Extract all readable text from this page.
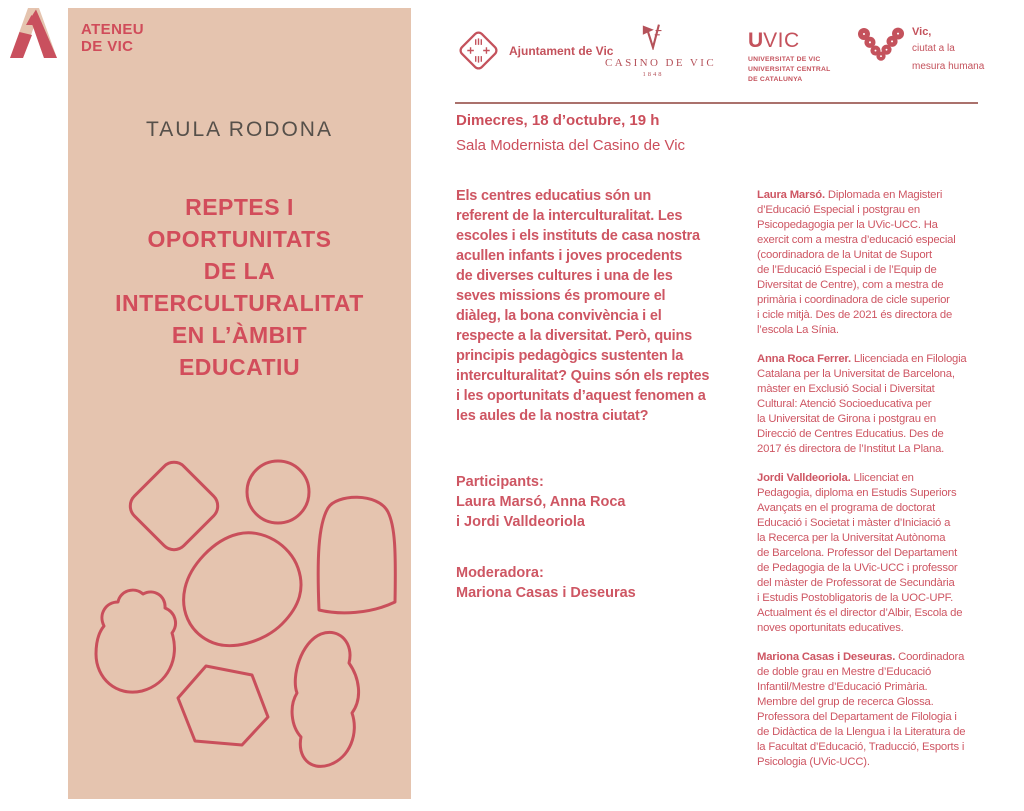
ATENEU
DE VIC
TAULA RODONA
REPTES I
OPORTUNITATS
DE LA
INTERCULTURALITAT
EN L’ÀMBIT
EDUCATIU
Ajuntament de Vic
CASINO DE VIC
1848
UVIC
UNIVERSITAT DE VIC
UNIVERSITAT CENTRAL
DE CATALUNYA
Vic,
ciutat a la
mesura humana
Dimecres, 18 d’octubre, 19 h
Sala Modernista del Casino de Vic
Els centres educatius són un
referent de la interculturalitat. Les
escoles i els instituts de casa nostra
acullen infants i joves procedents
de diverses cultures i una de les
seves missions és promoure el
diàleg, la bona convivència i el
respecte a la diversitat. Però, quins
principis pedagògics sustenten la
interculturalitat? Quins són els reptes
i les oportunitats d’aquest fenomen a
les aules de la nostra ciutat?

Participants:
Laura Marsó, Anna Roca
i Jordi Valldeoriola

Moderadora:
Mariona Casas i Deseuras

Laura Marsó. Diplomada en Magisteri
d’Educació Especial i postgrau en
Psicopedagogia per la UVic-UCC. Ha
exercit com a mestra d’educació especial
(coordinadora de la Unitat de Suport
de l’Educació Especial i de l’Equip de
Diversitat de Centre), com a mestra de
primària i coordinadora de cicle superior
i cicle mitjà. Des de 2021 és directora de
l’escola La Sínia.

Anna Roca Ferrer. Llicenciada en Filologia
Catalana per la Universitat de Barcelona,
màster en Exclusió Social i Diversitat
Cultural: Atenció Socioeducativa per
la Universitat de Girona i postgrau en
Direcció de Centres Educatius. Des de
2017 és directora de l’Institut La Plana.

Jordi Valldeoriola. Llicenciat en
Pedagogia, diploma en Estudis Superiors
Avançats en el programa de doctorat
Educació i Societat i màster d’Iniciació a
la Recerca per la Universitat Autònoma
de Barcelona. Professor del Departament
de Pedagogia de la UVic-UCC i professor
del màster de Professorat de Secundària
i Estudis Postobligatoris de la UOC-UPF.
Actualment és el director d’Albir, Escola de
noves oportunitats educatives.

Mariona Casas i Deseuras. Coordinadora
de doble grau en Mestre d’Educació
Infantil/Mestre d’Educació Primària.
Membre del grup de recerca Glossa.
Professora del Departament de Filologia i
de Didàctica de la Llengua i la Literatura de
la Facultat d’Educació, Traducció, Esports i
Psicologia (UVic-UCC).
